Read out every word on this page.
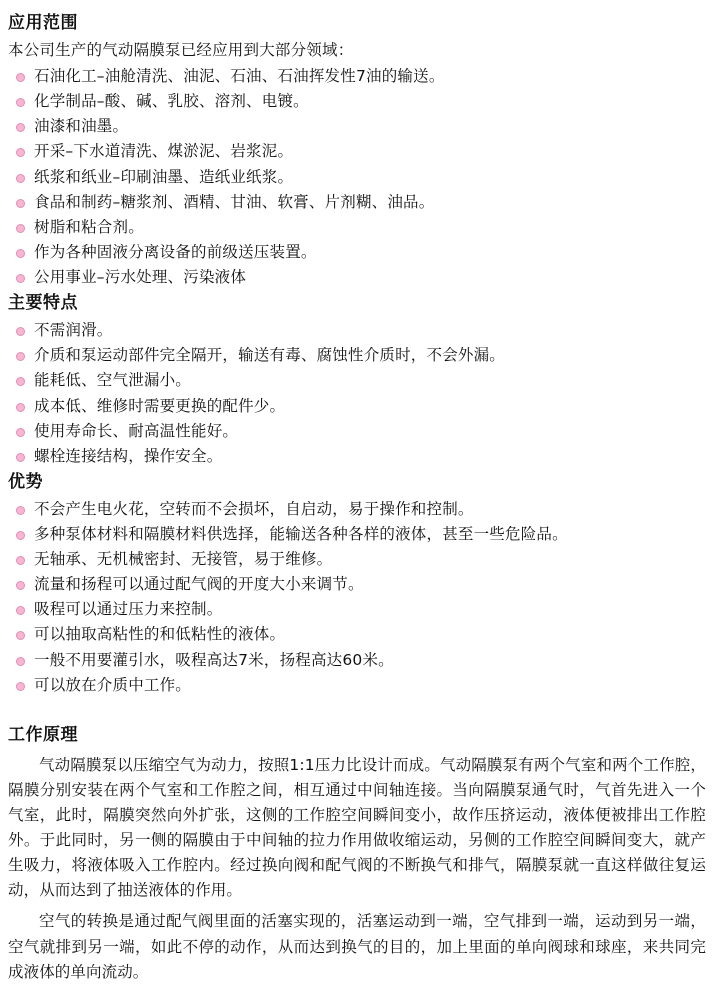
应用范围

本公司生产的气动隔膜泵已经应用到大部分领域：

石油化工–油舱清洗、油泥、石油、石油挥发性7油的输送。
化学制品–酸、碱、乳胶、溶剂、电镀。
油漆和油墨。
开采–下水道清洗、煤淤泥、岩浆泥。
纸浆和纸业–印刷油墨、造纸业纸浆。
食品和制药–糖浆剂、酒精、甘油、软膏、片剂糊、油品。
树脂和粘合剂。
作为各种固液分离设备的前级送压装置。
公用事业–污水处理、污染液体
主要特点
不需润滑。
介质和泵运动部件完全隔开，输送有毒、腐蚀性介质时，不会外漏。
能耗低、空气泄漏小。
成本低、维修时需要更换的配件少。
使用寿命长、耐高温性能好。
螺栓连接结构，操作安全。
优势
不会产生电火花，空转而不会损坏，自启动，易于操作和控制。
多种泵体材料和隔膜材料供选择，能输送各种各样的液体，甚至一些危险品。
无轴承、无机械密封、无接管，易于维修。
流量和扬程可以通过配气阀的开度大小来调节。
吸程可以通过压力来控制。
可以抽取高粘性的和低粘性的液体。
一般不用要灌引水，吸程高达7米，扬程高达60米。
可以放在介质中工作。
工作原理

气动隔膜泵以压缩空气为动力，按照1:1压力比设计而成。气动隔膜泵有两个气室和两个工作腔，隔膜分别安装在两个气室和工作腔之间，相互通过中间轴连接。当向隔膜泵通气时，气首先进入一个气室，此时，隔膜突然向外扩张，这侧的工作腔空间瞬间变小，故作压挤运动，液体便被排出工作腔外。于此同时，另一侧的隔膜由于中间轴的拉力作用做收缩运动，另侧的工作腔空间瞬间变大，就产生吸力，将液体吸入工作腔内。经过换向阀和配气阀的不断换气和排气，隔膜泵就一直这样做往复运动，从而达到了抽送液体的作用。

空气的转换是通过配气阀里面的活塞实现的，活塞运动到一端，空气排到一端，运动到另一端，空气就排到另一端，如此不停的动作，从而达到换气的目的，加上里面的单向阀球和球座，来共同完成液体的单向流动。
